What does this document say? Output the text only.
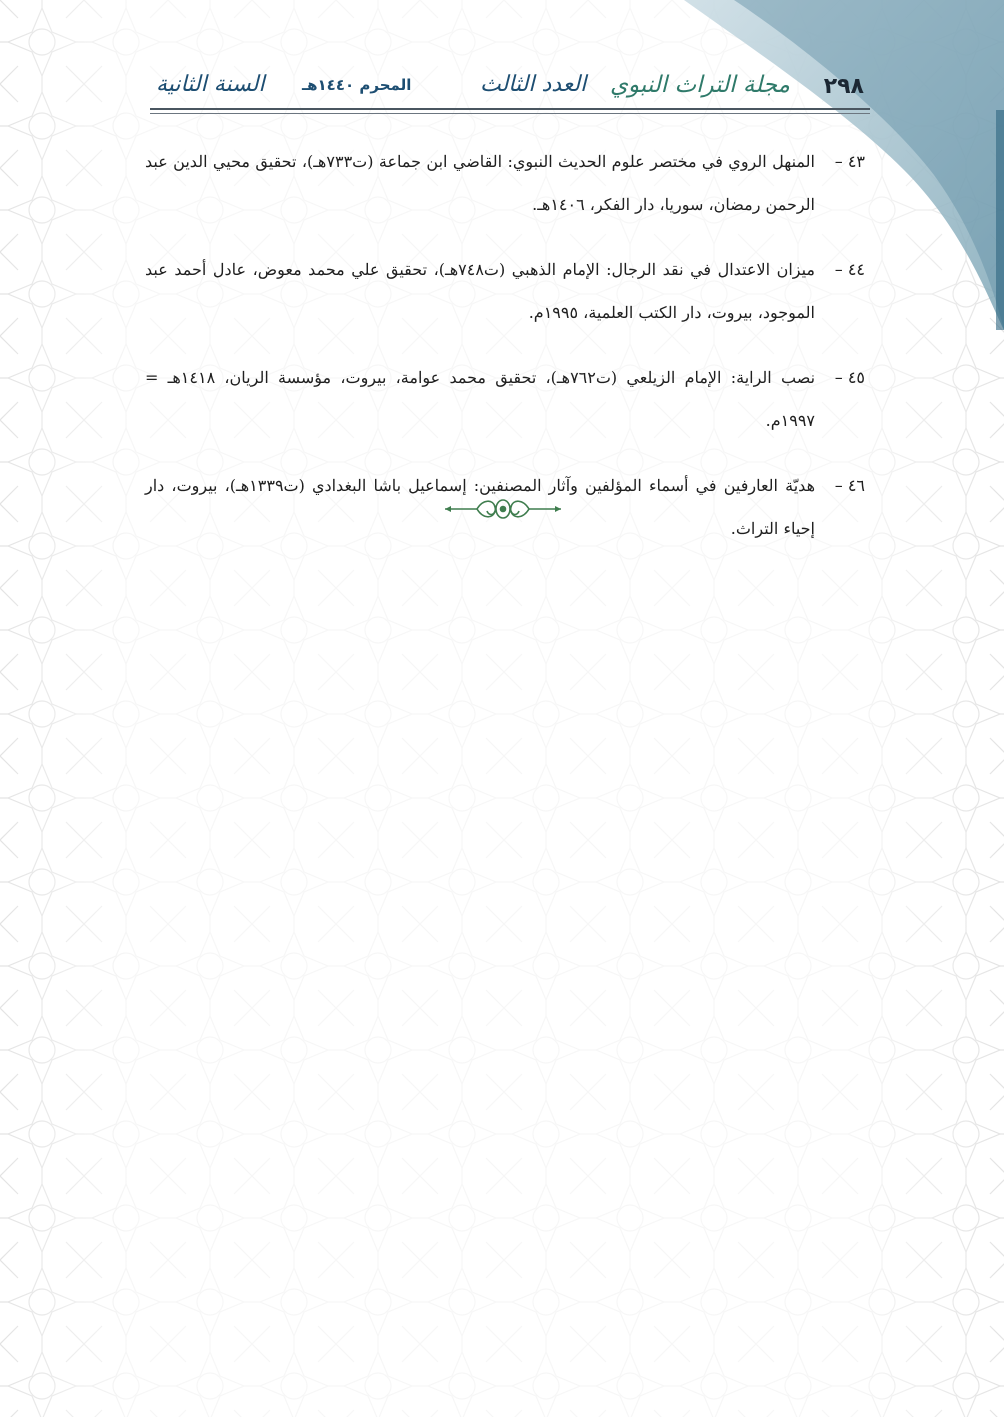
٢٩٨
مجلة التراث النبوي
العدد الثالث
المحرم ١٤٤٠هـ
السنة الثانية
٤٣ –
المنهل الروي في مختصر علوم الحديث النبوي: القاضي ابن جماعة (ت٧٣٣هـ)، تحقيق محيي الدين عبد الرحمن رمضان، سوريا، دار الفكر، ١٤٠٦هـ.
٤٤ –
ميزان الاعتدال في نقد الرجال: الإمام الذهبي (ت٧٤٨هـ)، تحقيق علي محمد معوض، عادل أحمد عبد الموجود، بيروت، دار الكتب العلمية، ١٩٩٥م.
٤٥ –
نصب الراية: الإمام الزيلعي (ت٧٦٢هـ)، تحقيق محمد عوامة، بيروت، مؤسسة الريان، ١٤١٨هـ = ١٩٩٧م.
٤٦ –
هديّة العارفين في أسماء المؤلفين وآثار المصنفين: إسماعيل باشا البغدادي (ت١٣٣٩هـ)، بيروت، دار إحياء التراث.
